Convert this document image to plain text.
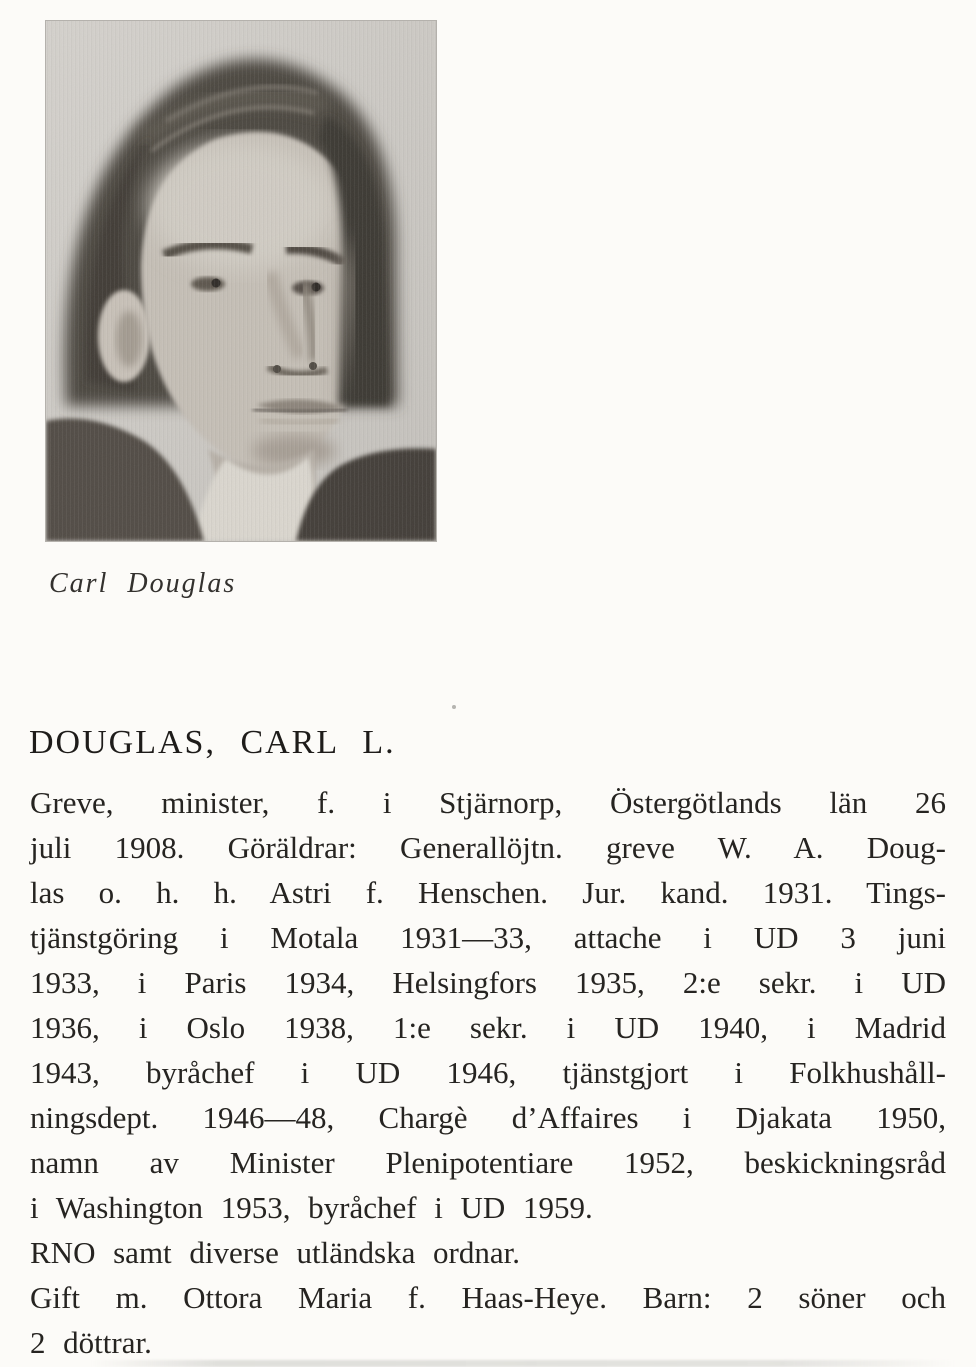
Carl Douglas
DOUGLAS, CARL L.
Greve, minister, f. i Stjärnorp, Östergötlands län 26
juli 1908. Göräldrar: Generallöjtn. greve W. A. Doug-
las o. h. h. Astri f. Henschen. Jur. kand. 1931. Tings-
tjänstgöring i Motala 1931—33, attache i UD 3 juni
1933, i Paris 1934, Helsingfors 1935, 2:e sekr. i UD
1936, i Oslo 1938, 1:e sekr. i UD 1940, i Madrid
1943, byråchef i UD 1946, tjänstgjort i Folkhushåll-
ningsdept. 1946—48, Chargè d’Affaires i Djakata 1950,
namn av Minister Plenipotentiare 1952, beskickningsråd
i Washington 1953, byråchef i UD 1959.
RNO samt diverse utländska ordnar.
Gift m. Ottora Maria f. Haas-Heye. Barn: 2 söner och
2 döttrar.
